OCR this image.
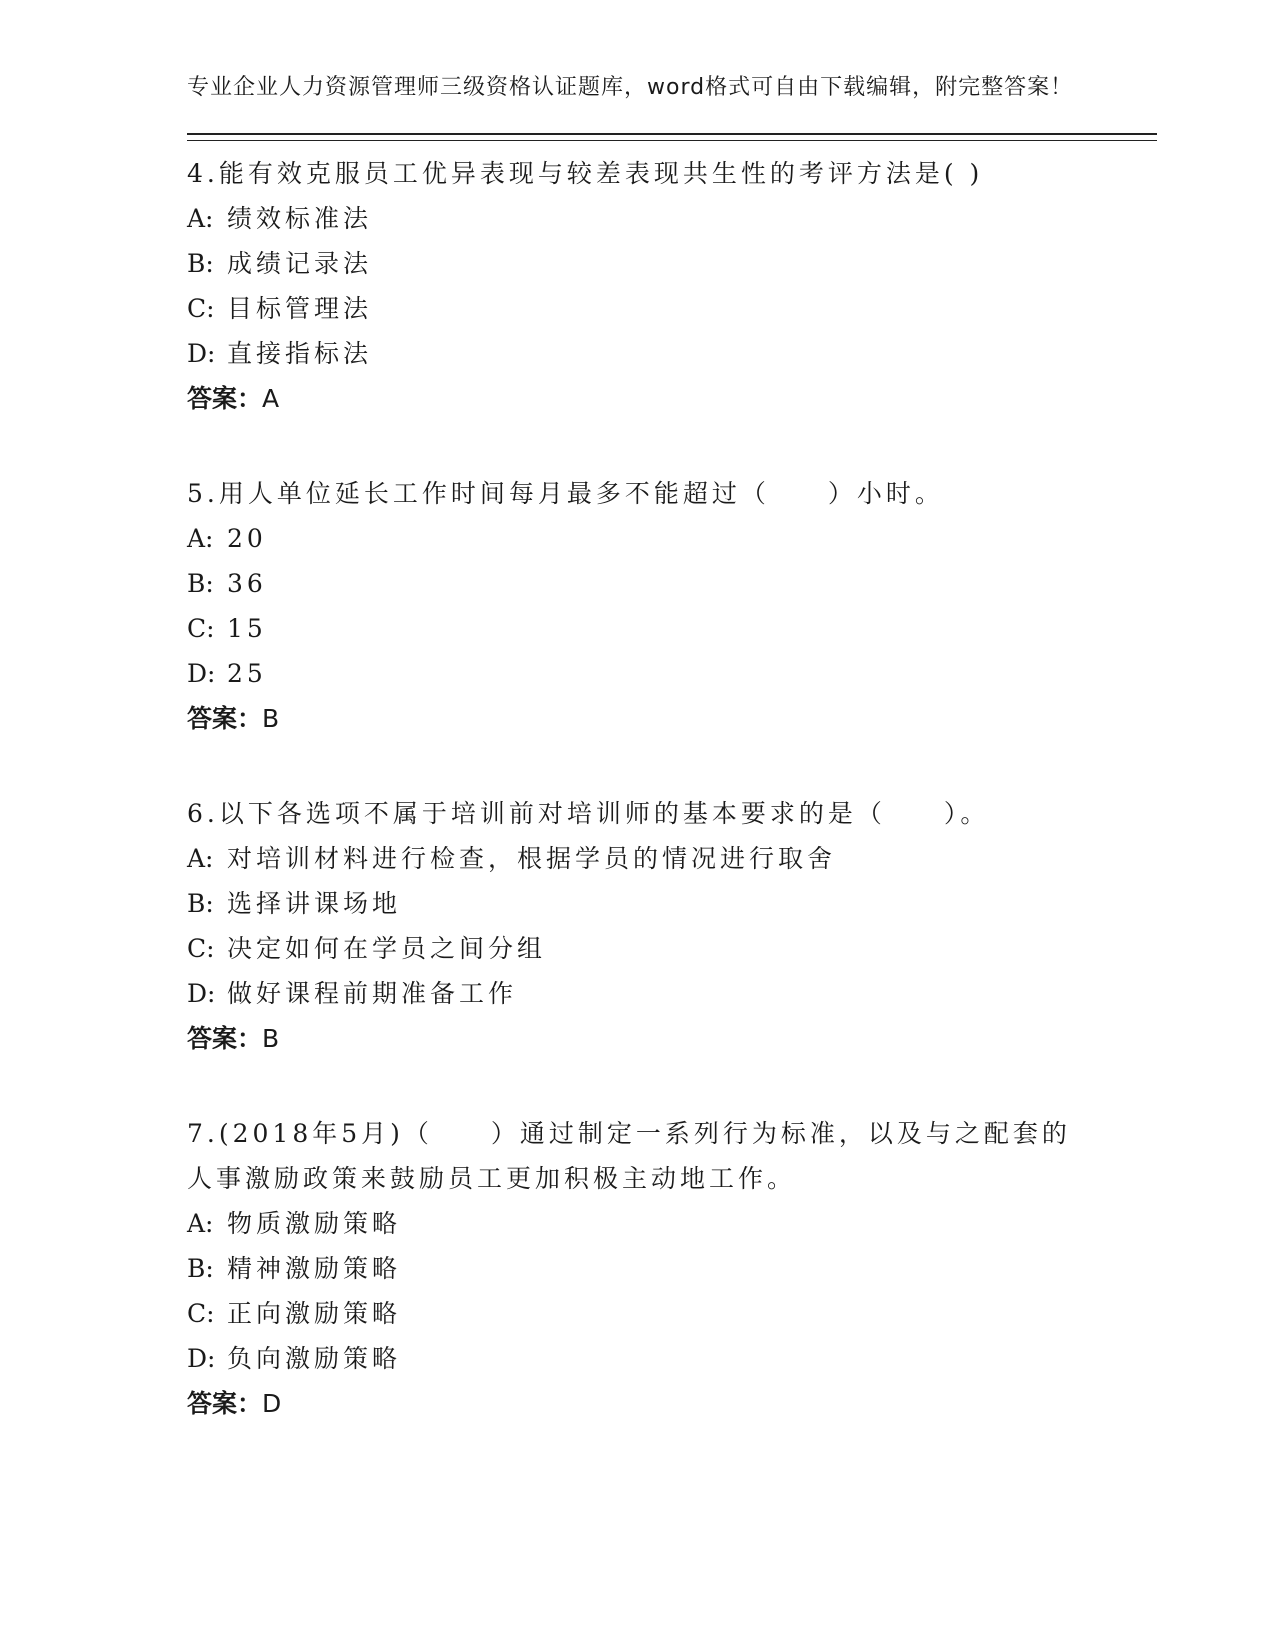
专业企业人力资源管理师三级资格认证题库，word格式可自由下载编辑，附完整答案！
4.能有效克服员工优异表现与较差表现共生性的考评方法是( )
A: 绩效标准法
B: 成绩记录法
C: 目标管理法
D: 直接指标法
答案：A
5.用人单位延长工作时间每月最多不能超过（　　）小时。
A: 20
B: 36
C: 15
D: 25
答案：B
6.以下各选项不属于培训前对培训师的基本要求的是（　　）。
A: 对培训材料进行检查，根据学员的情况进行取舍
B: 选择讲课场地
C: 决定如何在学员之间分组
D: 做好课程前期准备工作
答案：B
7.(2018年5月)（　　）通过制定一系列行为标准，以及与之配套的人事激励政策来鼓励员工更加积极主动地工作。
A: 物质激励策略
B: 精神激励策略
C: 正向激励策略
D: 负向激励策略
答案：D
